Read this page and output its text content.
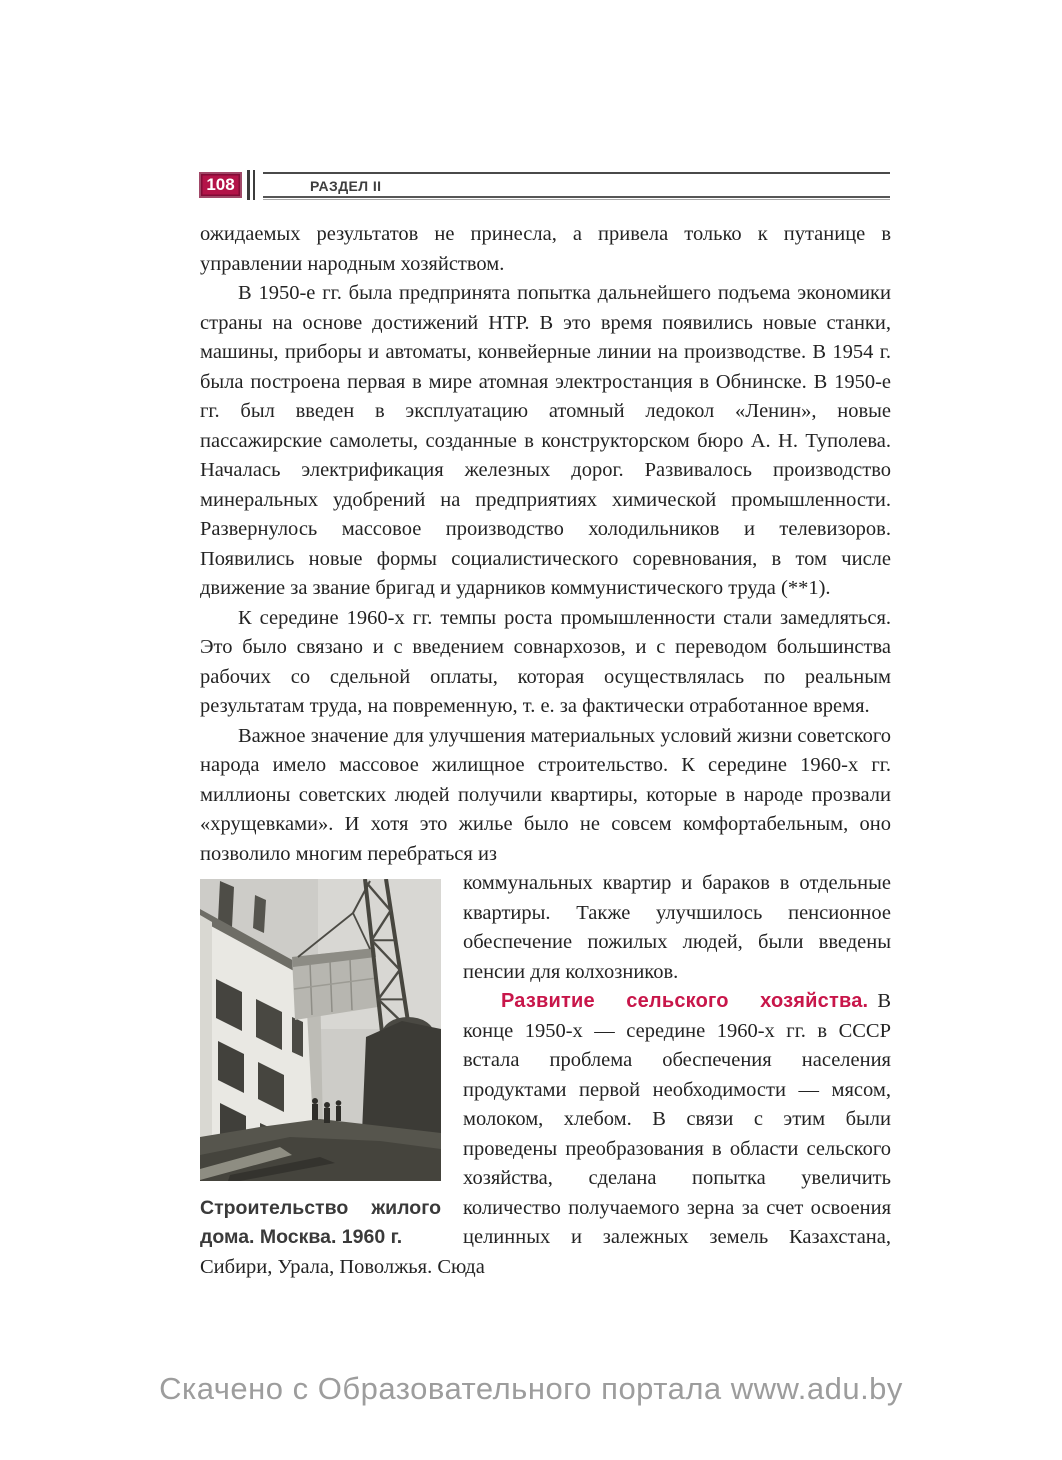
108	РАЗДЕЛ II

ожидаемых результатов не принесла, а привела только к путанице в управлении народным хозяйством.

В 1950-е гг. была предпринята попытка дальнейшего подъема экономики страны на основе достижений НТР. В это время появились новые станки, машины, приборы и автоматы, конвейерные линии на производстве. В 1954 г. была построена первая в мире атомная электростанция в Обнинске. В 1950-е гг. был введен в эксплуатацию атомный ледокол «Ленин», новые пассажирские самолеты, созданные в конструкторском бюро А. Н. Туполева. Началась электрификация железных дорог. Развивалось производство минеральных удобрений на предприятиях химической промышленности. Развернулось массовое производство холодильников и телевизоров. Появились новые формы социалистического соревнования, в том числе движение за звание бригад и ударников коммунистического труда (**1).

К середине 1960-х гг. темпы роста промышленности стали замедляться. Это было связано и с введением совнархозов, и с переводом большинства рабочих со сдельной оплаты, которая осуществлялась по реальным результатам труда, на повременную, т. е. за фактически отработанное время.

Важное значение для улучшения материальных условий жизни советского народа имело массовое жилищное строительство. К середине 1960-х гг. миллионы советских людей получили квартиры, которые в народе прозвали «хрущевками». И хотя это жилье было не совсем комфортабельным, оно позволило многим перебраться из

Строительство жилого дома. Москва. 1960 г.

коммунальных квартир и бараков в отдельные квартиры. Также улучшилось пенсионное обеспечение пожилых людей, были введены пенсии для колхозников.

Развитие сельского хозяйства. В конце 1950-х — середине 1960-х гг. в СССР встала проблема обеспечения населения продуктами первой необходимости — мясом, молоком, хлебом. В связи с этим были проведены преобразования в области сельского хозяйства, сделана попытка увеличить количество получаемого зерна за счет освоения целинных и залежных земель Казахстана, Сибири, Урала, Поволжья. Сюда

Скачено с Образовательного портала www.adu.by
